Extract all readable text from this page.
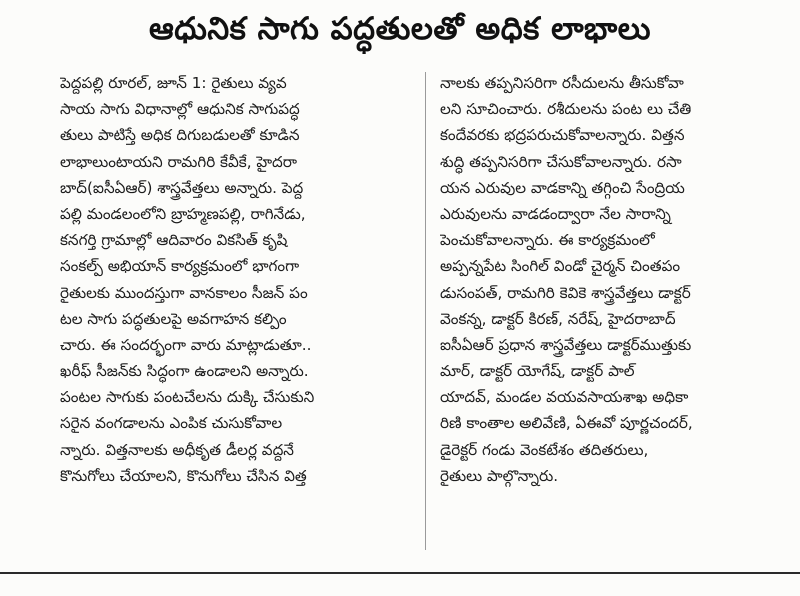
ఆధునిక సాగు పద్ధతులతో అధిక లాభాలు
పెద్దపల్లి రూరల్‌, జూన్‌ 1: రైతులు వ్యవ
సాయ సాగు విధానాల్లో ఆధునిక సాగుపద్ధ
తులు పాటిస్తే అధిక దిగుబడులతో కూడిన
లాభాలుంటాయని రామగిరి కేవీకే, హైదరా
బాద్‌(ఐసీఏఆర్‌) శాస్త్రవేత్తలు అన్నారు. పెద్ద
పల్లి మండలంలోని బ్రాహ్మణపల్లి, రాగినేడు,
కనగర్తి గ్రామాల్లో ఆదివారం వికసిత్‌ కృషి
సంకల్ప్‌ అభియాన్‌ కార్యక్రమంలో భాగంగా
రైతులకు ముందస్తుగా వానకాలం సీజన్‌ పం
టల సాగు పద్ధతులపై అవగాహన కల్పిం
చారు. ఈ సందర్భంగా వారు మాట్లాడుతూ..
ఖరీఫ్‌ సీజన్‌కు సిద్ధంగా ఉండాలని అన్నారు.
పంటల సాగుకు పంటచేలను దుక్కి చేసుకుని
సరైన వంగడాలను ఎంపిక చుసుకోవాల
న్నారు. విత్తనాలకు అధీకృత డీలర్ల వద్దనే
కొనుగోలు చేయాలని, కొనుగోలు చేసిన విత్త
నాలకు తప్పనిసరిగా రసీదులను తీసుకోవా
లని సూచించారు. రశీదులను పంట లు చేతి
కందేవరకు భద్రపరుచుకోవాలన్నారు. విత్తన
శుద్ధి తప్పనిసరిగా చేసుకోవాలన్నారు. రసా
యన ఎరువుల వాడకాన్ని తగ్గించి సేంద్రియ
ఎరువులను వాడడంద్వారా నేల సారాన్ని
పెంచుకోవాలన్నారు. ఈ కార్యక్రమంలో
అప్పన్నపేట సింగిల్‌ విండో చైర్మన్‌ చింతపం
డుసంపత్‌, రామగిరి కెవికె శాస్త్రవేత్తలు డాక్టర్‌
వెంకన్న, డాక్టర్‌ కిరణ్‌, నరేష్‌, హైదరాబాద్‌
ఐసీఏఆర్‌ ప్రధాన శాస్త్రవేత్తలు డాక్టర్‌ముత్తుకు
మార్‌, డాక్టర్‌ యోగేష్‌, డాక్టర్‌ పాల్‌
యాదవ్‌, మండల వయవసాయశాఖ అధికా
రిణి కాంతాల అలివేణి, ఏఈవో పూర్ణచందర్‌,
డైరెక్టర్‌ గండు వెంకటేశం తదితరులు,
రైతులు పాల్గొన్నారు.
